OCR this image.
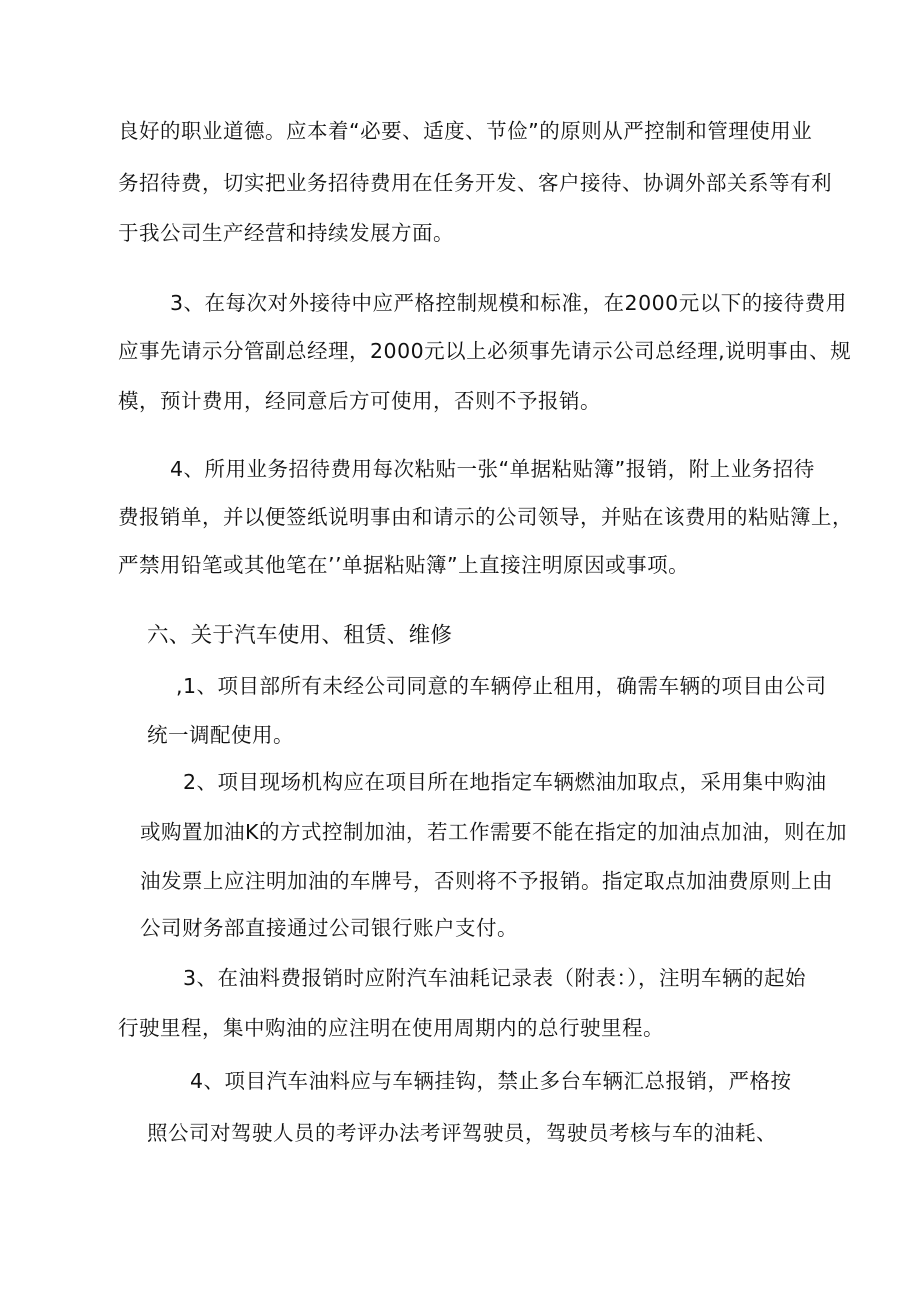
良好的职业道德。应本着“必要、适度、节俭”的原则从严控制和管理使用业
务招待费，切实把业务招待费用在任务开发、客户接待、协调外部关系等有利
于我公司生产经营和持续发展方面。
3、在每次对外接待中应严格控制规模和标准，在2000元以下的接待费用
应事先请示分管副总经理，2000元以上必须事先请示公司总经理,说明事由、规
模，预计费用，经同意后方可使用，否则不予报销。
4、所用业务招待费用每次粘贴一张“单据粘贴簿”报销，附上业务招待
费报销单，并以便签纸说明事由和请示的公司领导，并贴在该费用的粘贴簿上，
严禁用铅笔或其他笔在’’单据粘贴簿”上直接注明原因或事项。
六、关于汽车使用、租赁、维修
,1、项目部所有未经公司同意的车辆停止租用，确需车辆的项目由公司
统一调配使用。
2、项目现场机构应在项目所在地指定车辆燃油加取点，采用集中购油
或购置加油K的方式控制加油，若工作需要不能在指定的加油点加油，则在加
油发票上应注明加油的车牌号，否则将不予报销。指定取点加油费原则上由
公司财务部直接通过公司银行账户支付。
3、在油料费报销时应附汽车油耗记录表（附表：），注明车辆的起始
行驶里程，集中购油的应注明在使用周期内的总行驶里程。
4、项目汽车油料应与车辆挂钩，禁止多台车辆汇总报销，严格按
照公司对驾驶人员的考评办法考评驾驶员，驾驶员考核与车的油耗、
